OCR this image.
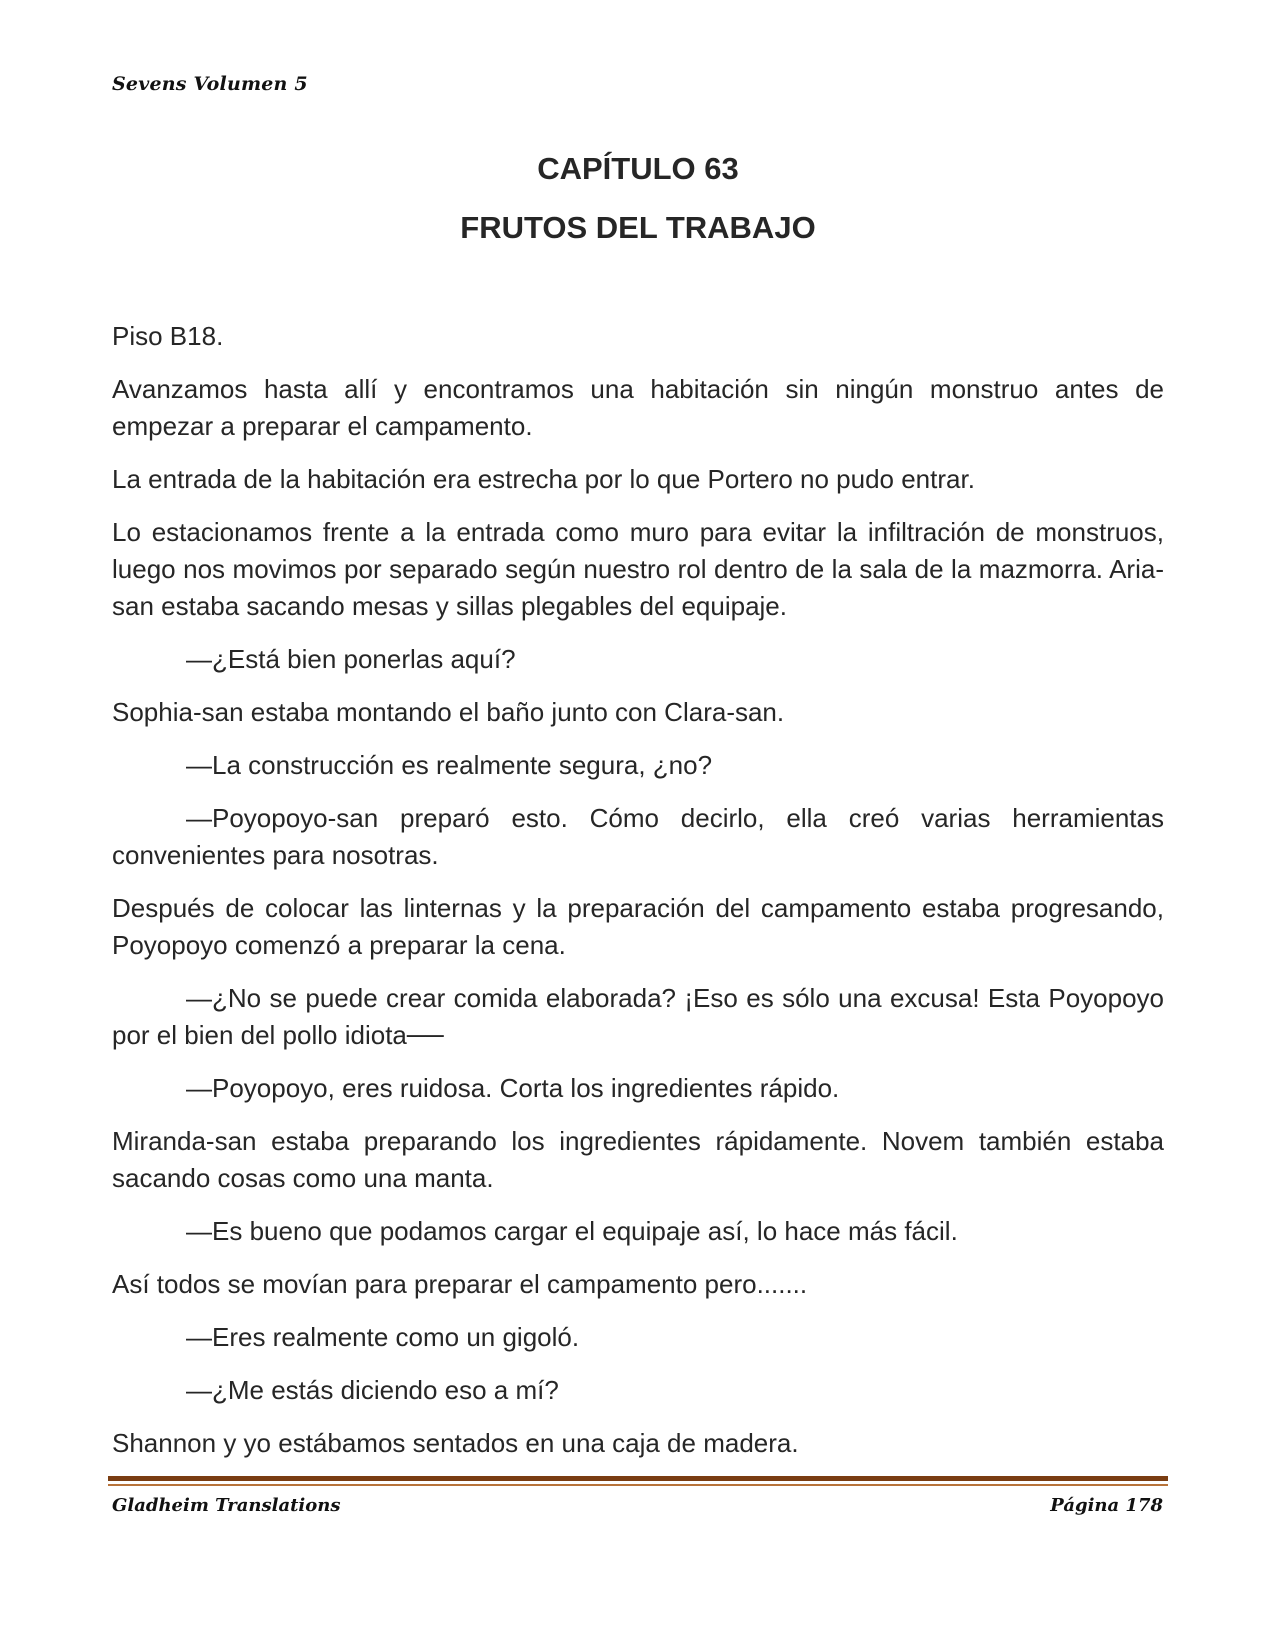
Sevens Volumen 5
CAPÍTULO 63
FRUTOS DEL TRABAJO

Piso B18.

Avanzamos hasta allí y encontramos una habitación sin ningún monstruo antes de empezar a preparar el campamento.

La entrada de la habitación era estrecha por lo que Portero no pudo entrar.

Lo estacionamos frente a la entrada como muro para evitar la infiltración de monstruos, luego nos movimos por separado según nuestro rol dentro de la sala de la mazmorra. Aria-san estaba sacando mesas y sillas plegables del equipaje.

—¿Está bien ponerlas aquí?

Sophia-san estaba montando el baño junto con Clara-san.

—La construcción es realmente segura, ¿no?

—Poyopoyo-san preparó esto. Cómo decirlo, ella creó varias herramientas convenientes para nosotras.

Después de colocar las linternas y la preparación del campamento estaba progresando, Poyopoyo comenzó a preparar la cena.

—¿No se puede crear comida elaborada? ¡Eso es sólo una excusa! Esta Poyopoyo por el bien del pollo idiota──

—Poyopoyo, eres ruidosa. Corta los ingredientes rápido.

Miranda-san estaba preparando los ingredientes rápidamente. Novem también estaba sacando cosas como una manta.

—Es bueno que podamos cargar el equipaje así, lo hace más fácil.

Así todos se movían para preparar el campamento pero.......

—Eres realmente como un gigoló.

—¿Me estás diciendo eso a mí?

Shannon y yo estábamos sentados en una caja de madera.

Gladheim Translations	Página 178
